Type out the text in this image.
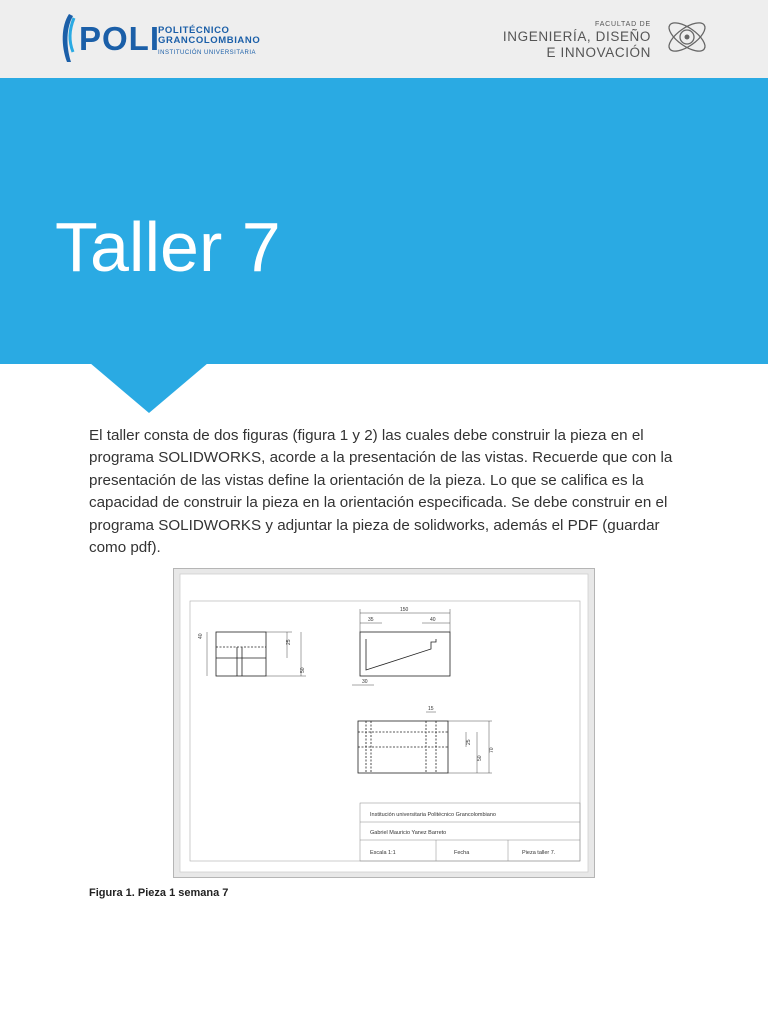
POLI
POLITÉCNICO
GRANCOLOMBIANO
INSTITUCIÓN UNIVERSITARIA
FACULTAD DE
INGENIERÍA, DISEÑO
E INNOVACIÓN
Taller 7

El taller consta de dos figuras (figura 1 y 2) las cuales debe construir la pieza en el programa SOLIDWORKS, acorde a la presentación de las vistas. Recuerde que con la presentación de las vistas define la orientación de la pieza. Lo que se califica es la capacidad de construir la pieza en la orientación especificada. Se debe construir en el programa SOLIDWORKS y adjuntar la pieza de solidworks, además el PDF (guardar como pdf).

25
50
40
150
35	40
30
15
25
50
70
Institución universitaria Politécnico Grancolombiano
Gabriel Mauricio Yanez Barreto
Escala 1:1	Fecha	Pieza taller 7.
Figura 1. Pieza 1 semana 7
